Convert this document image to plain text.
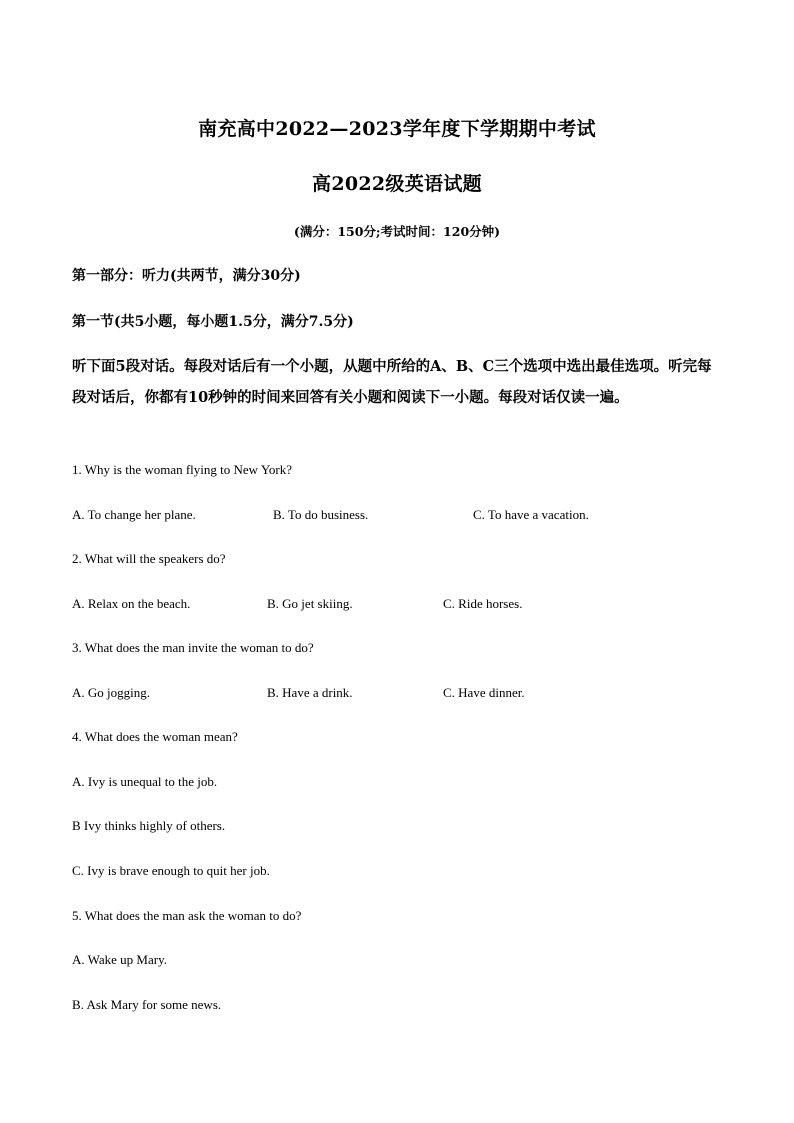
南充高中2022—2023学年度下学期期中考试
高2022级英语试题
(满分：150分;考试时间：120分钟)
第一部分：听力(共两节，满分30分)
第一节(共5小题，每小题1.5分，满分7.5分)
听下面5段对话。每段对话后有一个小题，从题中所给的A、B、C三个选项中选出最佳选项。听完每段对话后，你都有10秒钟的时间来回答有关小题和阅读下一小题。每段对话仅读一遍。
1. Why is the woman flying to New York?
A. To change her plane.	B. To do business.	C. To have a vacation.
2. What will the speakers do?
A. Relax on the beach.	B. Go jet skiing.	C. Ride horses.
3. What does the man invite the woman to do?
A. Go jogging.	B. Have a drink.	C. Have dinner.
4. What does the woman mean?
A. Ivy is unequal to the job.
B Ivy thinks highly of others.
C. Ivy is brave enough to quit her job.
5. What does the man ask the woman to do?
A. Wake up Mary.
B. Ask Mary for some news.
